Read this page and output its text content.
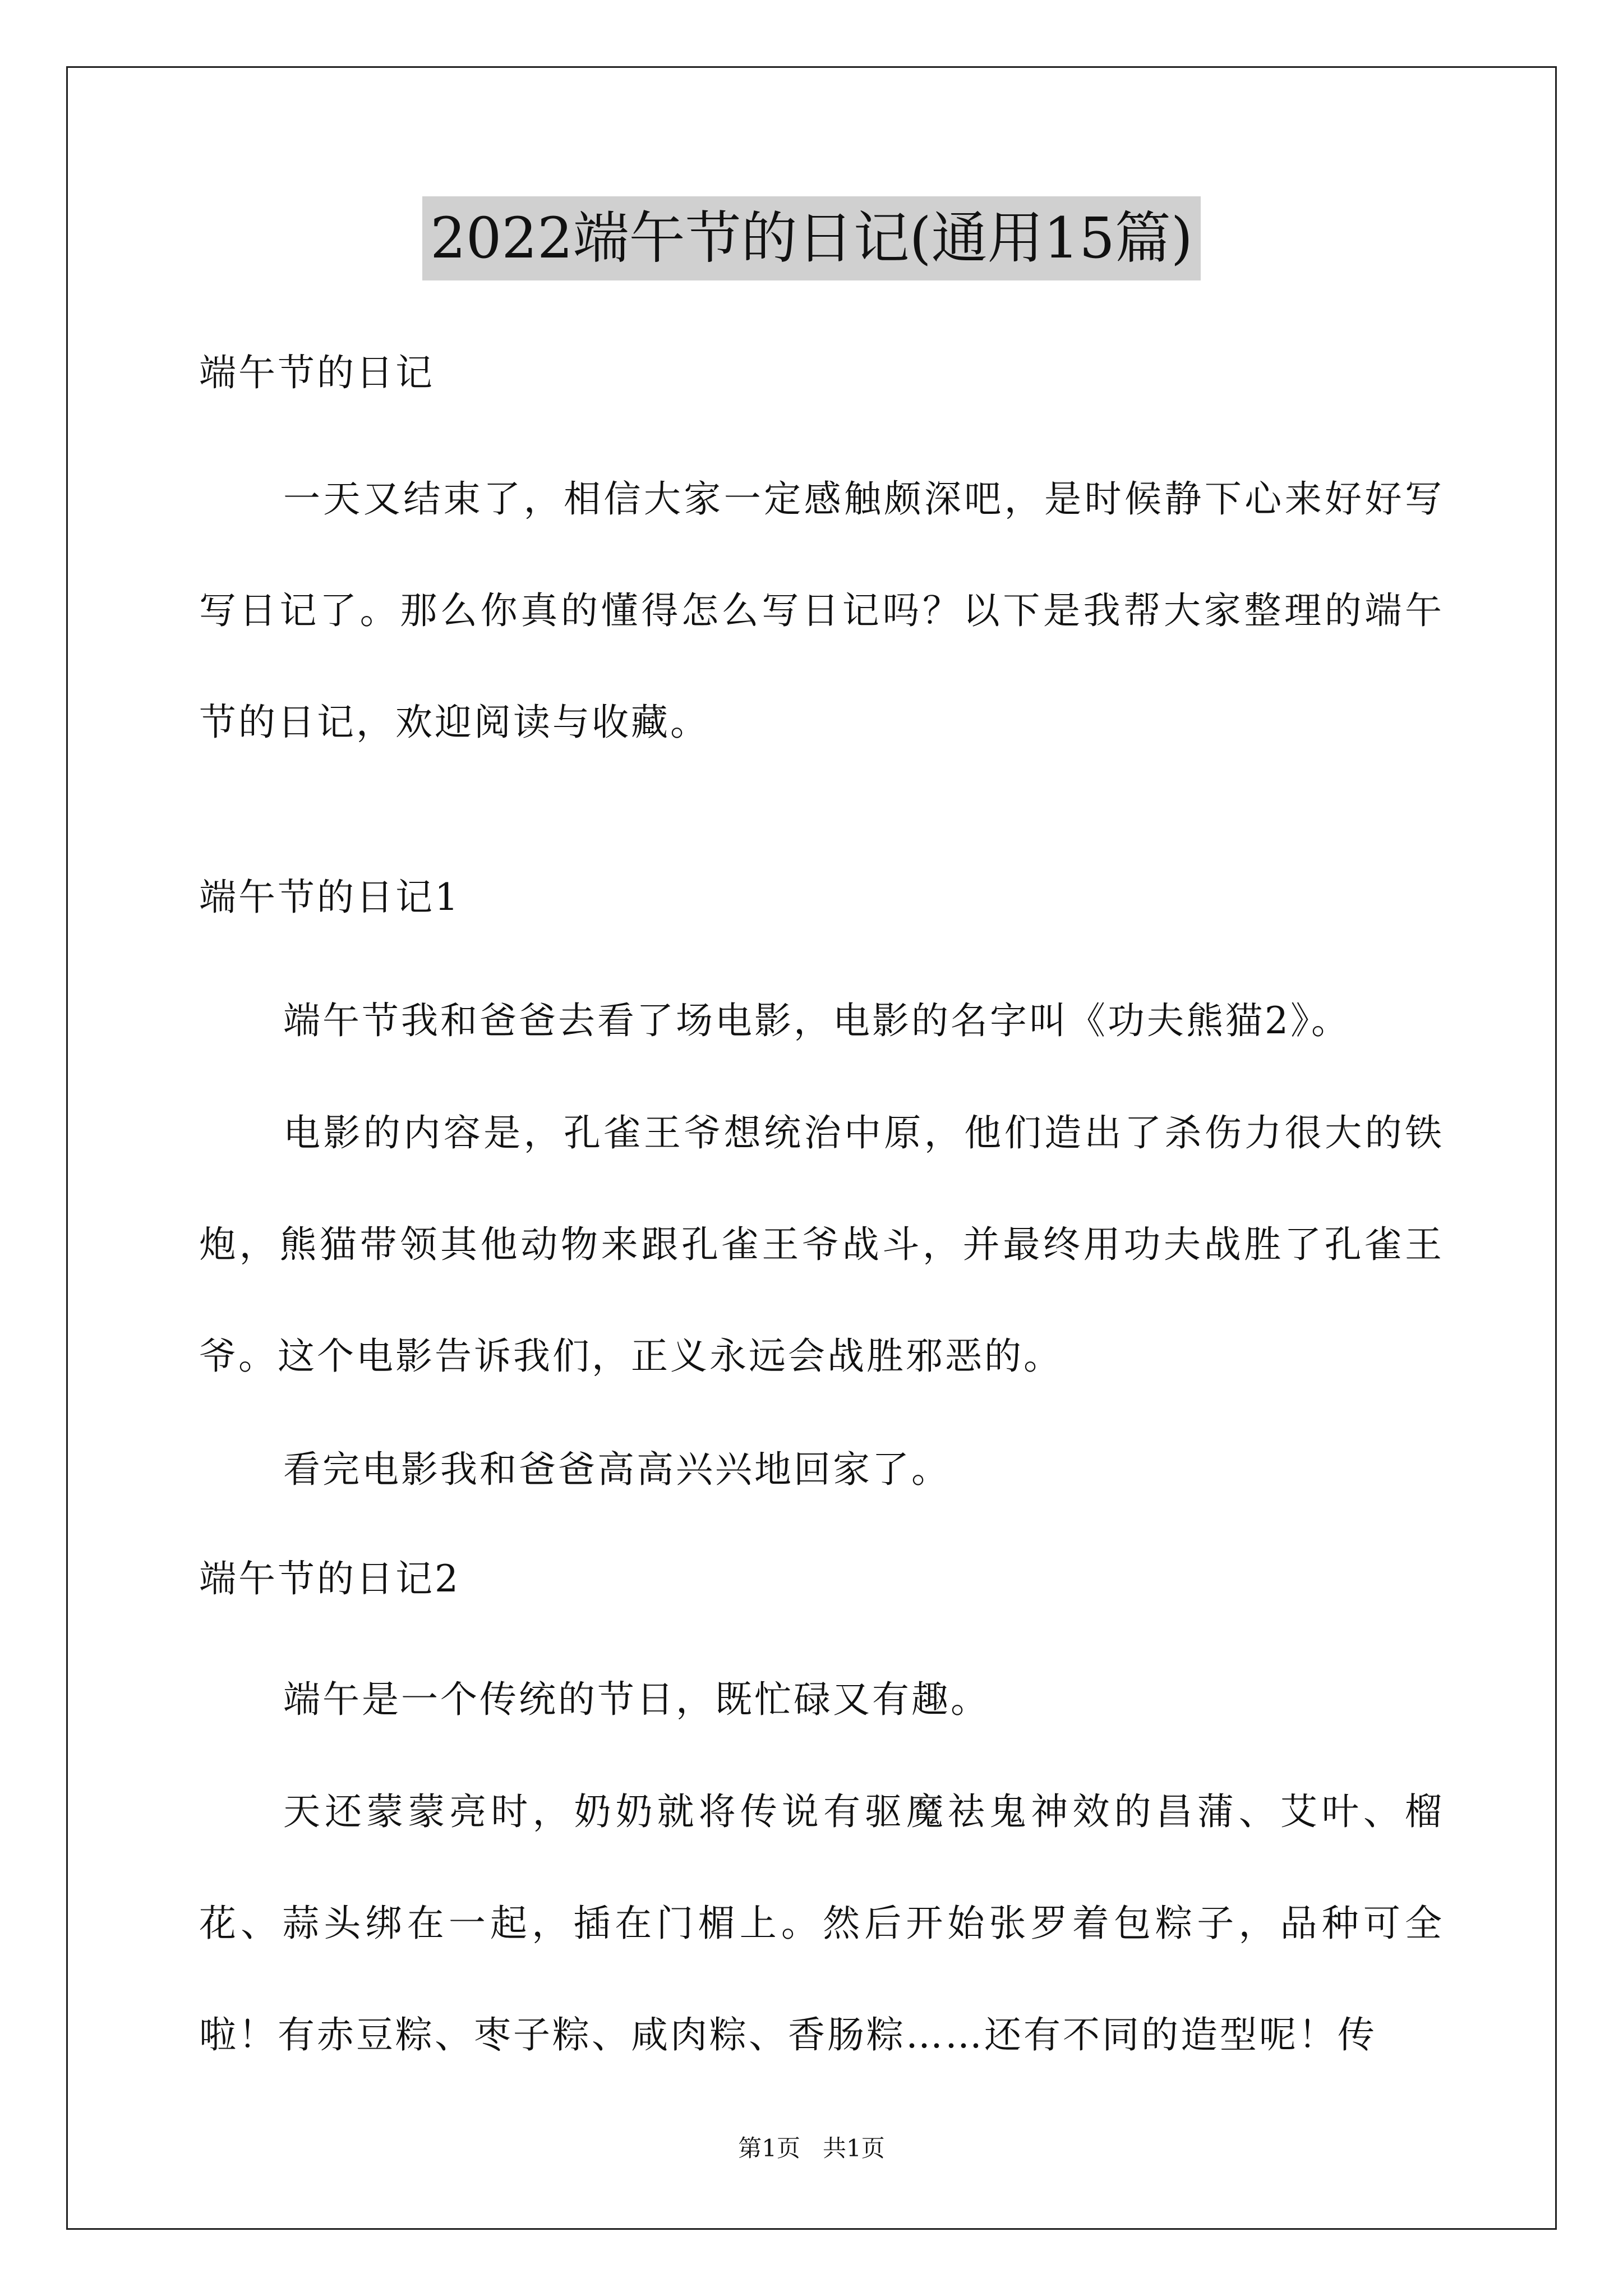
2022端午节的日记(通用15篇)
端午节的日记
一天又结束了，相信大家一定感触颇深吧，是时候静下心来好好写写日记了。那么你真的懂得怎么写日记吗？以下是我帮大家整理的端午节的日记，欢迎阅读与收藏。
端午节的日记1
端午节我和爸爸去看了场电影，电影的名字叫《功夫熊猫2》。
电影的内容是，孔雀王爷想统治中原，他们造出了杀伤力很大的铁炮，熊猫带领其他动物来跟孔雀王爷战斗，并最终用功夫战胜了孔雀王爷。这个电影告诉我们，正义永远会战胜邪恶的。
看完电影我和爸爸高高兴兴地回家了。
端午节的日记2
端午是一个传统的节日，既忙碌又有趣。
天还蒙蒙亮时，奶奶就将传说有驱魔祛鬼神效的昌蒲、艾叶、榴花、蒜头绑在一起，插在门楣上。然后开始张罗着包粽子，品种可全啦！有赤豆粽、枣子粽、咸肉粽、香肠粽……还有不同的造型呢！传
第1页   共1页
